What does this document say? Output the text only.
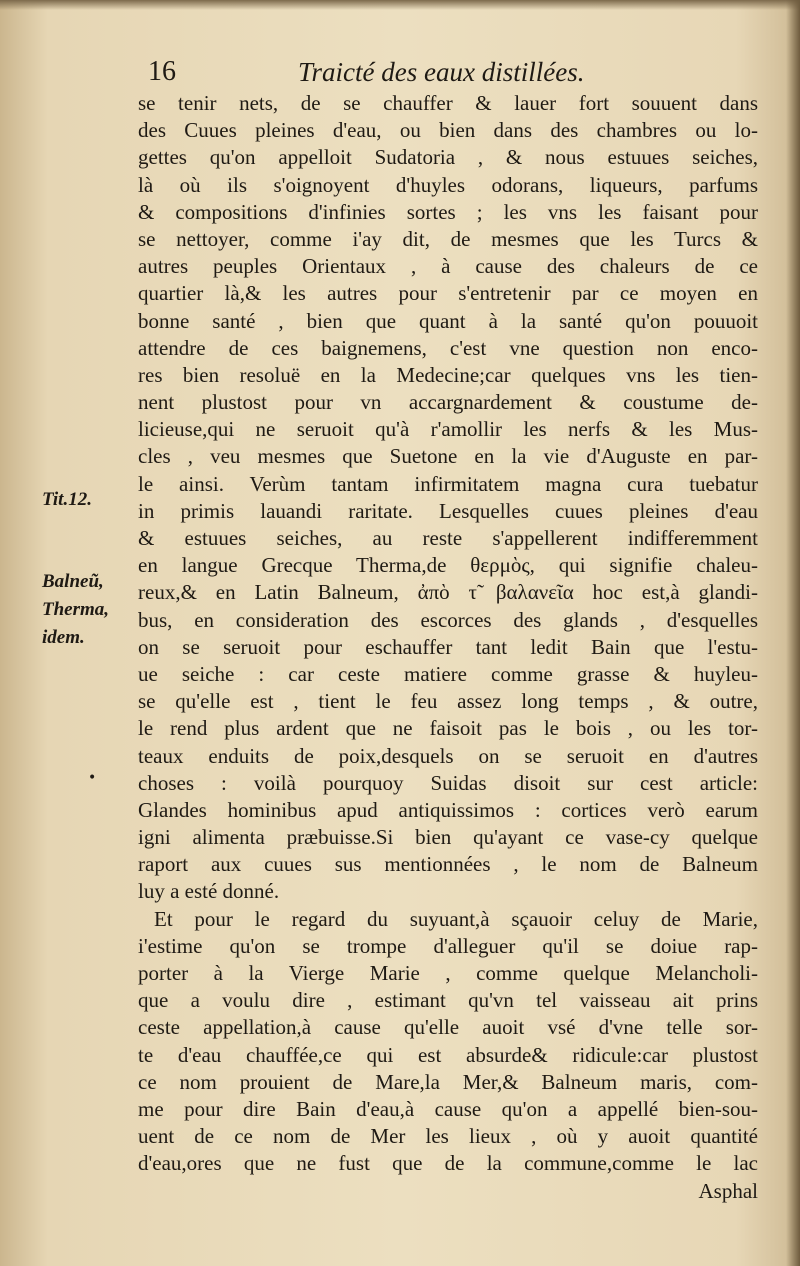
16	Traicté des eaux distillées.
Tit.12.
Balneũ,
Therma,
idem.
•
se tenir nets, de se chauffer & lauer fort souuent dans
des Cuues pleines d'eau, ou bien dans des chambres ou lo-
gettes qu'on appelloit Sudatoria , & nous estuues seiches,
là où ils s'oignoyent d'huyles odorans, liqueurs, parfums
& compositions d'infinies sortes ; les vns les faisant pour
se nettoyer, comme i'ay dit, de mesmes que les Turcs &
autres peuples Orientaux , à cause des chaleurs de ce
quartier là,& les autres pour s'entretenir par ce moyen en
bonne santé , bien que quant à la santé qu'on pouuoit
attendre de ces baignemens, c'est vne question non enco-
res bien resoluë en la Medecine;car quelques vns les tien-
nent plustost pour vn accargnardement & coustume de-
licieuse,qui ne seruoit qu'à r'amollir les nerfs & les Mus-
cles , veu mesmes que Suetone en la vie d'Auguste en par-
le ainsi. Verùm tantam infirmitatem magna cura tuebatur
in primis lauandi raritate. Lesquelles cuues pleines d'eau
& estuues seiches, au reste s'appellerent indifferemment
en langue Grecque Therma,de θερμὸς, qui signifie chaleu-
reux,& en Latin Balneum, ἀπὸ τ̃ βαλανεῖα hoc est,à glandi-
bus, en consideration des escorces des glands , d'esquelles
on se seruoit pour eschauffer tant ledit Bain que l'estu-
ue seiche : car ceste matiere comme grasse & huyleu-
se qu'elle est , tient le feu assez long temps , & outre,
le rend plus ardent que ne faisoit pas le bois , ou les tor-
teaux enduits de poix,desquels on se seruoit en d'autres
choses : voilà pourquoy Suidas disoit sur cest article:
Glandes hominibus apud antiquissimos : cortices verò earum
igni alimenta præbuisse.Si bien qu'ayant ce vase-cy quelque
raport aux cuues sus mentionnées , le nom de Balneum
luy a esté donné.
Et pour le regard du suyuant,à sçauoir celuy de Marie,
i'estime qu'on se trompe d'alleguer qu'il se doiue rap-
porter à la Vierge Marie , comme quelque Melancholi-
que a voulu dire , estimant qu'vn tel vaisseau ait prins
ceste appellation,à cause qu'elle auoit vsé d'vne telle sor-
te d'eau chauffée,ce qui est absurde& ridicule:car plustost
ce nom prouient de Mare,la Mer,& Balneum maris, com-
me pour dire Bain d'eau,à cause qu'on a appellé bien-sou-
uent de ce nom de Mer les lieux , où y auoit quantité
d'eau,ores que ne fust que de la commune,comme le lac
Asphal
